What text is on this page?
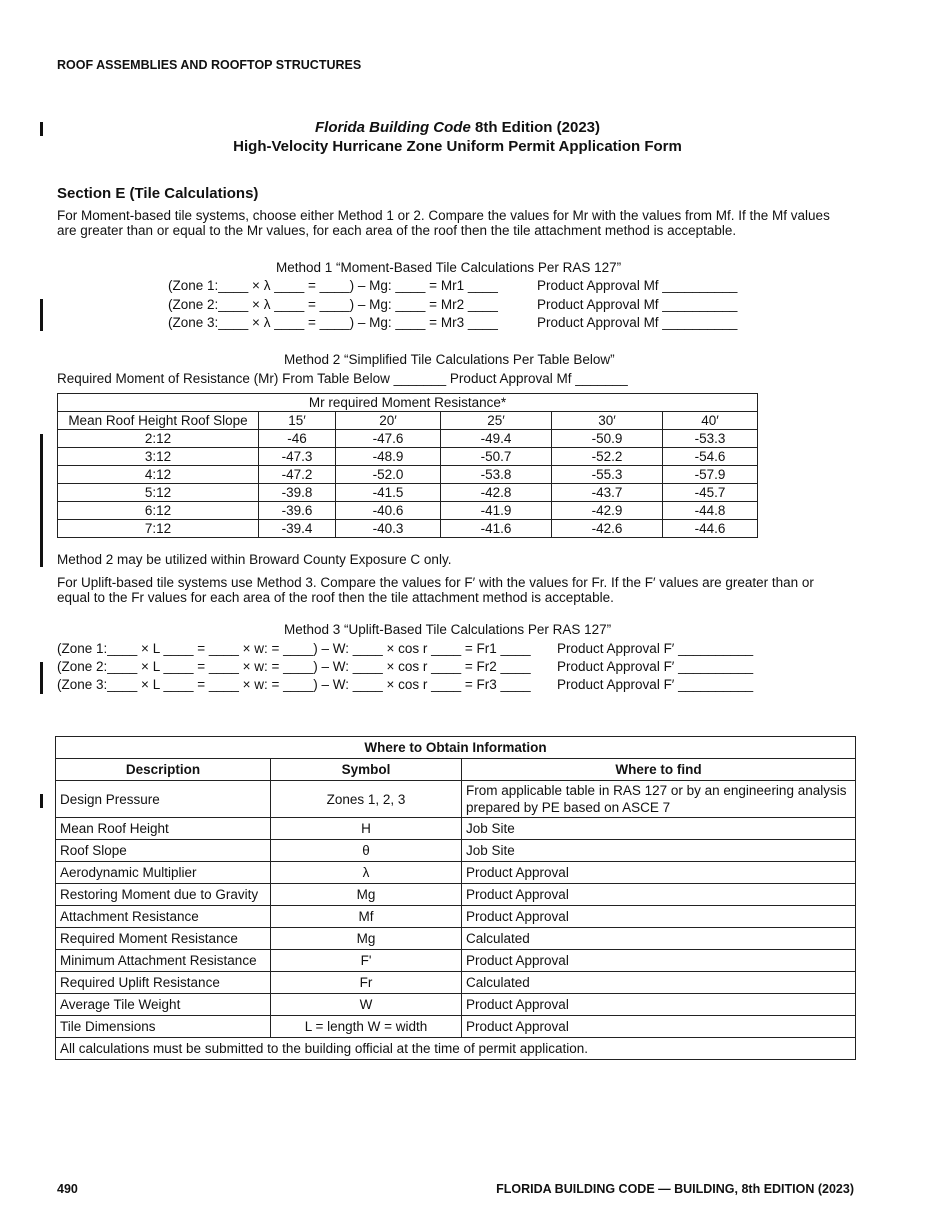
ROOF ASSEMBLIES AND ROOFTOP STRUCTURES
Florida Building Code 8th Edition (2023)
High-Velocity Hurricane Zone Uniform Permit Application Form
Section E (Tile Calculations)
For Moment-based tile systems, choose either Method 1 or 2. Compare the values for Mr with the values from Mf. If the Mf values
are greater than or equal to the Mr values, for each area of the roof then the tile attachment method is acceptable.
Method 1 “Moment-Based Tile Calculations Per RAS 127”
(Zone 1:____ × λ ____ = ____) – Mg: ____ = Mr1 ____	Product Approval Mf __________
(Zone 2:____ × λ ____ = ____) – Mg: ____ = Mr2 ____	Product Approval Mf __________
(Zone 3:____ × λ ____ = ____) – Mg: ____ = Mr3 ____	Product Approval Mf __________
Method 2 “Simplified Tile Calculations Per Table Below”
Required Moment of Resistance (Mr) From Table Below _______ Product Approval Mf _______
Mr required Moment Resistance*					
Mean Roof Height Roof Slope	15′	20′	25′	30′	40′
2:12	-46	-47.6	-49.4	-50.9	-53.3
3:12	-47.3	-48.9	-50.7	-52.2	-54.6
4:12	-47.2	-52.0	-53.8	-55.3	-57.9
5:12	-39.8	-41.5	-42.8	-43.7	-45.7
6:12	-39.6	-40.6	-41.9	-42.9	-44.8
7:12	-39.4	-40.3	-41.6	-42.6	-44.6
Method 2 may be utilized within Broward County Exposure C only.
For Uplift-based tile systems use Method 3. Compare the values for F′ with the values for Fr. If the F′ values are greater than or
equal to the Fr values for each area of the roof then the tile attachment method is acceptable.
Method 3 “Uplift-Based Tile Calculations Per RAS 127”
(Zone 1:____ × L ____ = ____ × w: = ____) – W: ____ × cos r ____ = Fr1 ____ Product Approval F′ __________
(Zone 2:____ × L ____ = ____ × w: = ____) – W: ____ × cos r ____ = Fr2 ____ Product Approval F′ __________
(Zone 3:____ × L ____ = ____ × w: = ____) – W: ____ × cos r ____ = Fr3 ____ Product Approval F′ __________
Where to Obtain Information		
Description	Symbol	Where to find
Design Pressure	Zones 1, 2, 3	From applicable table in RAS 127 or by an engineering analysis prepared by PE based on ASCE 7
Mean Roof Height	H	Job Site
Roof Slope	θ	Job Site
Aerodynamic Multiplier	λ	Product Approval
Restoring Moment due to Gravity	Mg	Product Approval
Attachment Resistance	Mf	Product Approval
Required Moment Resistance	Mg	Calculated
Minimum Attachment Resistance	F'	Product Approval
Required Uplift Resistance	Fr	Calculated
Average Tile Weight	W	Product Approval
Tile Dimensions	L = length W = width	Product Approval
All calculations must be submitted to the building official at the time of permit application.		
490	FLORIDA BUILDING CODE — BUILDING, 8th EDITION (2023)
